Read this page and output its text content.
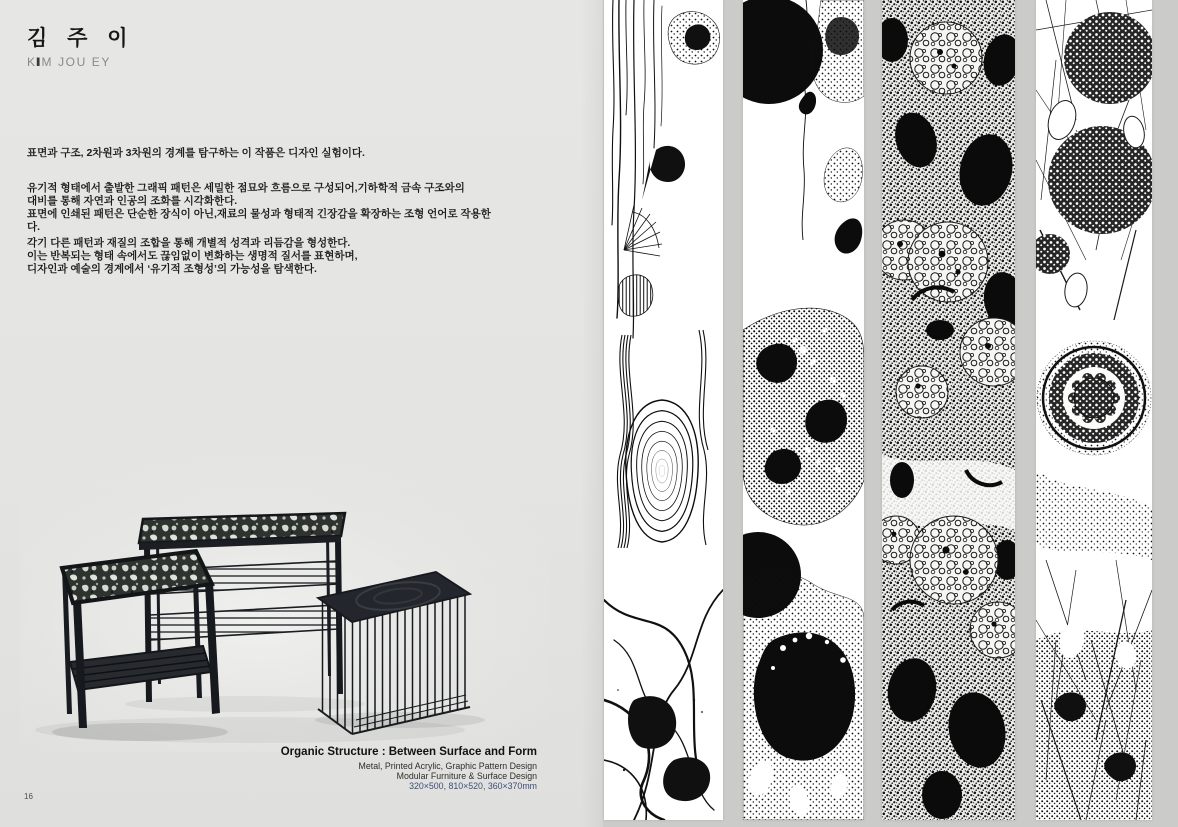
김 주 이
KIM JOU EY
표면과 구조, 2차원과 3차원의 경계를 탐구하는 이 작품은 디자인 실험이다.
유기적 형태에서 출발한 그래픽 패턴은 세밀한 점묘와 흐름으로 구성되어,기하학적 금속 구조와의
대비를 통해 자연과 인공의 조화를 시각화한다.
표면에 인쇄된 패턴은 단순한 장식이 아닌,재료의 물성과 형태적 긴장감을 확장하는 조형 언어로 작용한다.
각기 다른 패턴과 재질의 조합을 통해 개별적 성격과 리듬감을 형성한다.
이는 반복되는 형태 속에서도 끊임없이 변화하는 생명적 질서를 표현하며,
디자인과 예술의 경계에서 ‘유기적 조형성’의 가능성을 탐색한다.
Organic Structure : Between Surface and Form
Metal, Printed Acrylic, Graphic Pattern Design
Modular Furniture & Surface Design
320×500, 810×520, 360×370mm
16
